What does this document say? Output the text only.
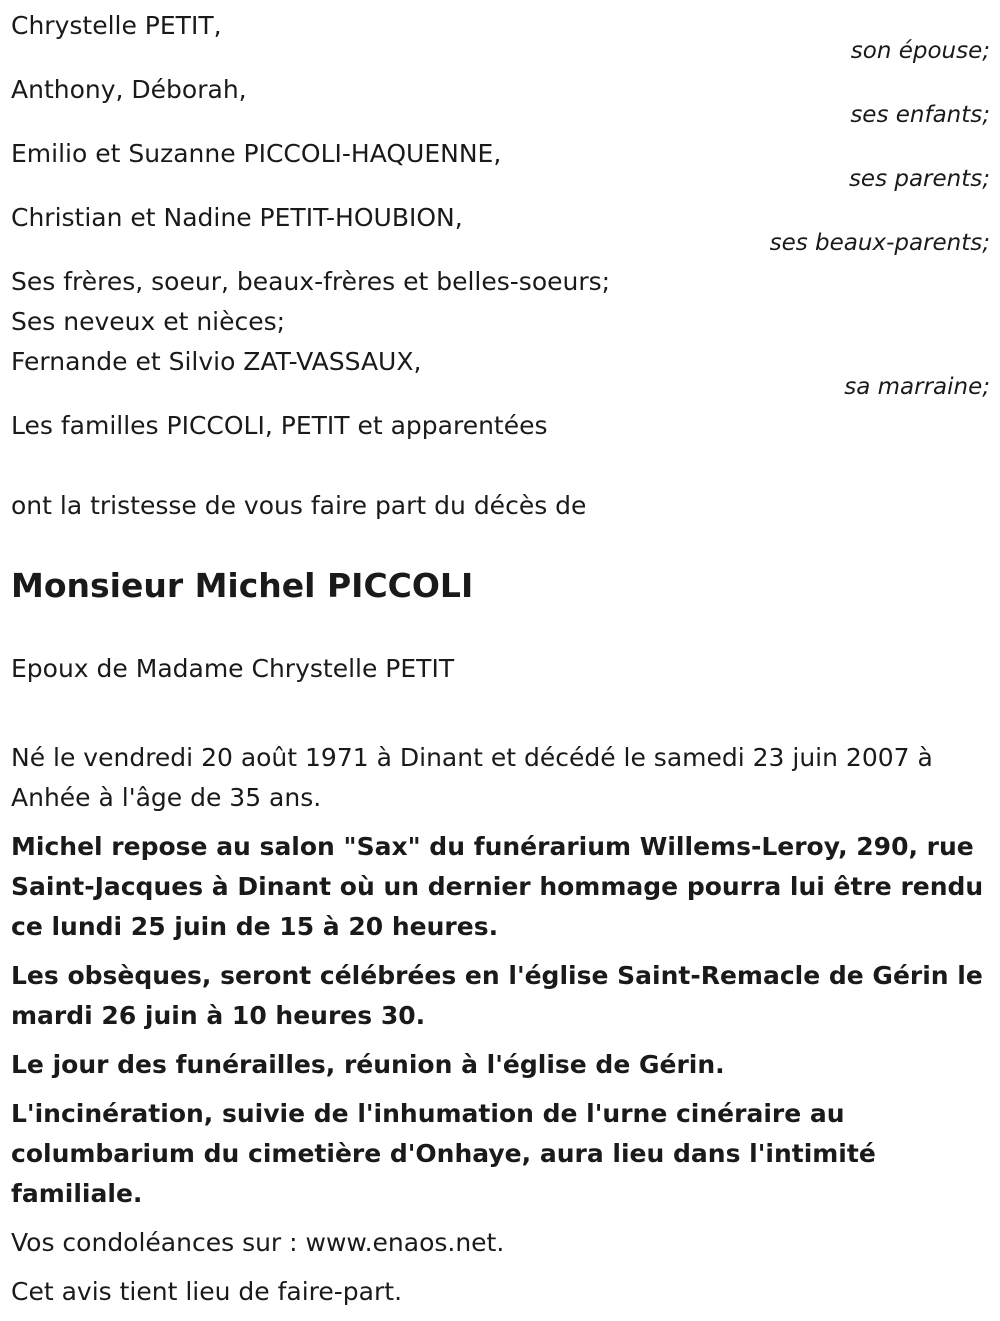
Chrystelle PETIT,
son épouse;
Anthony, Déborah,
ses enfants;
Emilio et Suzanne PICCOLI-HAQUENNE,
ses parents;
Christian et Nadine PETIT-HOUBION,
ses beaux-parents;
Ses frères, soeur, beaux-frères et belles-soeurs;
Ses neveux et nièces;
Fernande et Silvio ZAT-VASSAUX,
sa marraine;
Les familles PICCOLI, PETIT et apparentées
ont la tristesse de vous faire part du décès de
Monsieur Michel PICCOLI
Epoux de Madame Chrystelle PETIT
Né le vendredi 20 août 1971 à Dinant et décédé le samedi 23 juin 2007 à Anhée à l'âge de 35 ans.
Michel repose au salon "Sax" du funérarium Willems-Leroy, 290, rue Saint-Jacques à Dinant où un dernier hommage pourra lui être rendu ce lundi 25 juin de 15 à 20 heures.
Les obsèques, seront célébrées en l'église Saint-Remacle de Gérin le mardi 26 juin à 10 heures 30.
Le jour des funérailles, réunion à l'église de Gérin.
L'incinération, suivie de l'inhumation de l'urne cinéraire au columbarium du cimetière d'Onhaye, aura lieu dans l'intimité familiale.
Vos condoléances sur : www.enaos.net.
Cet avis tient lieu de faire-part.
